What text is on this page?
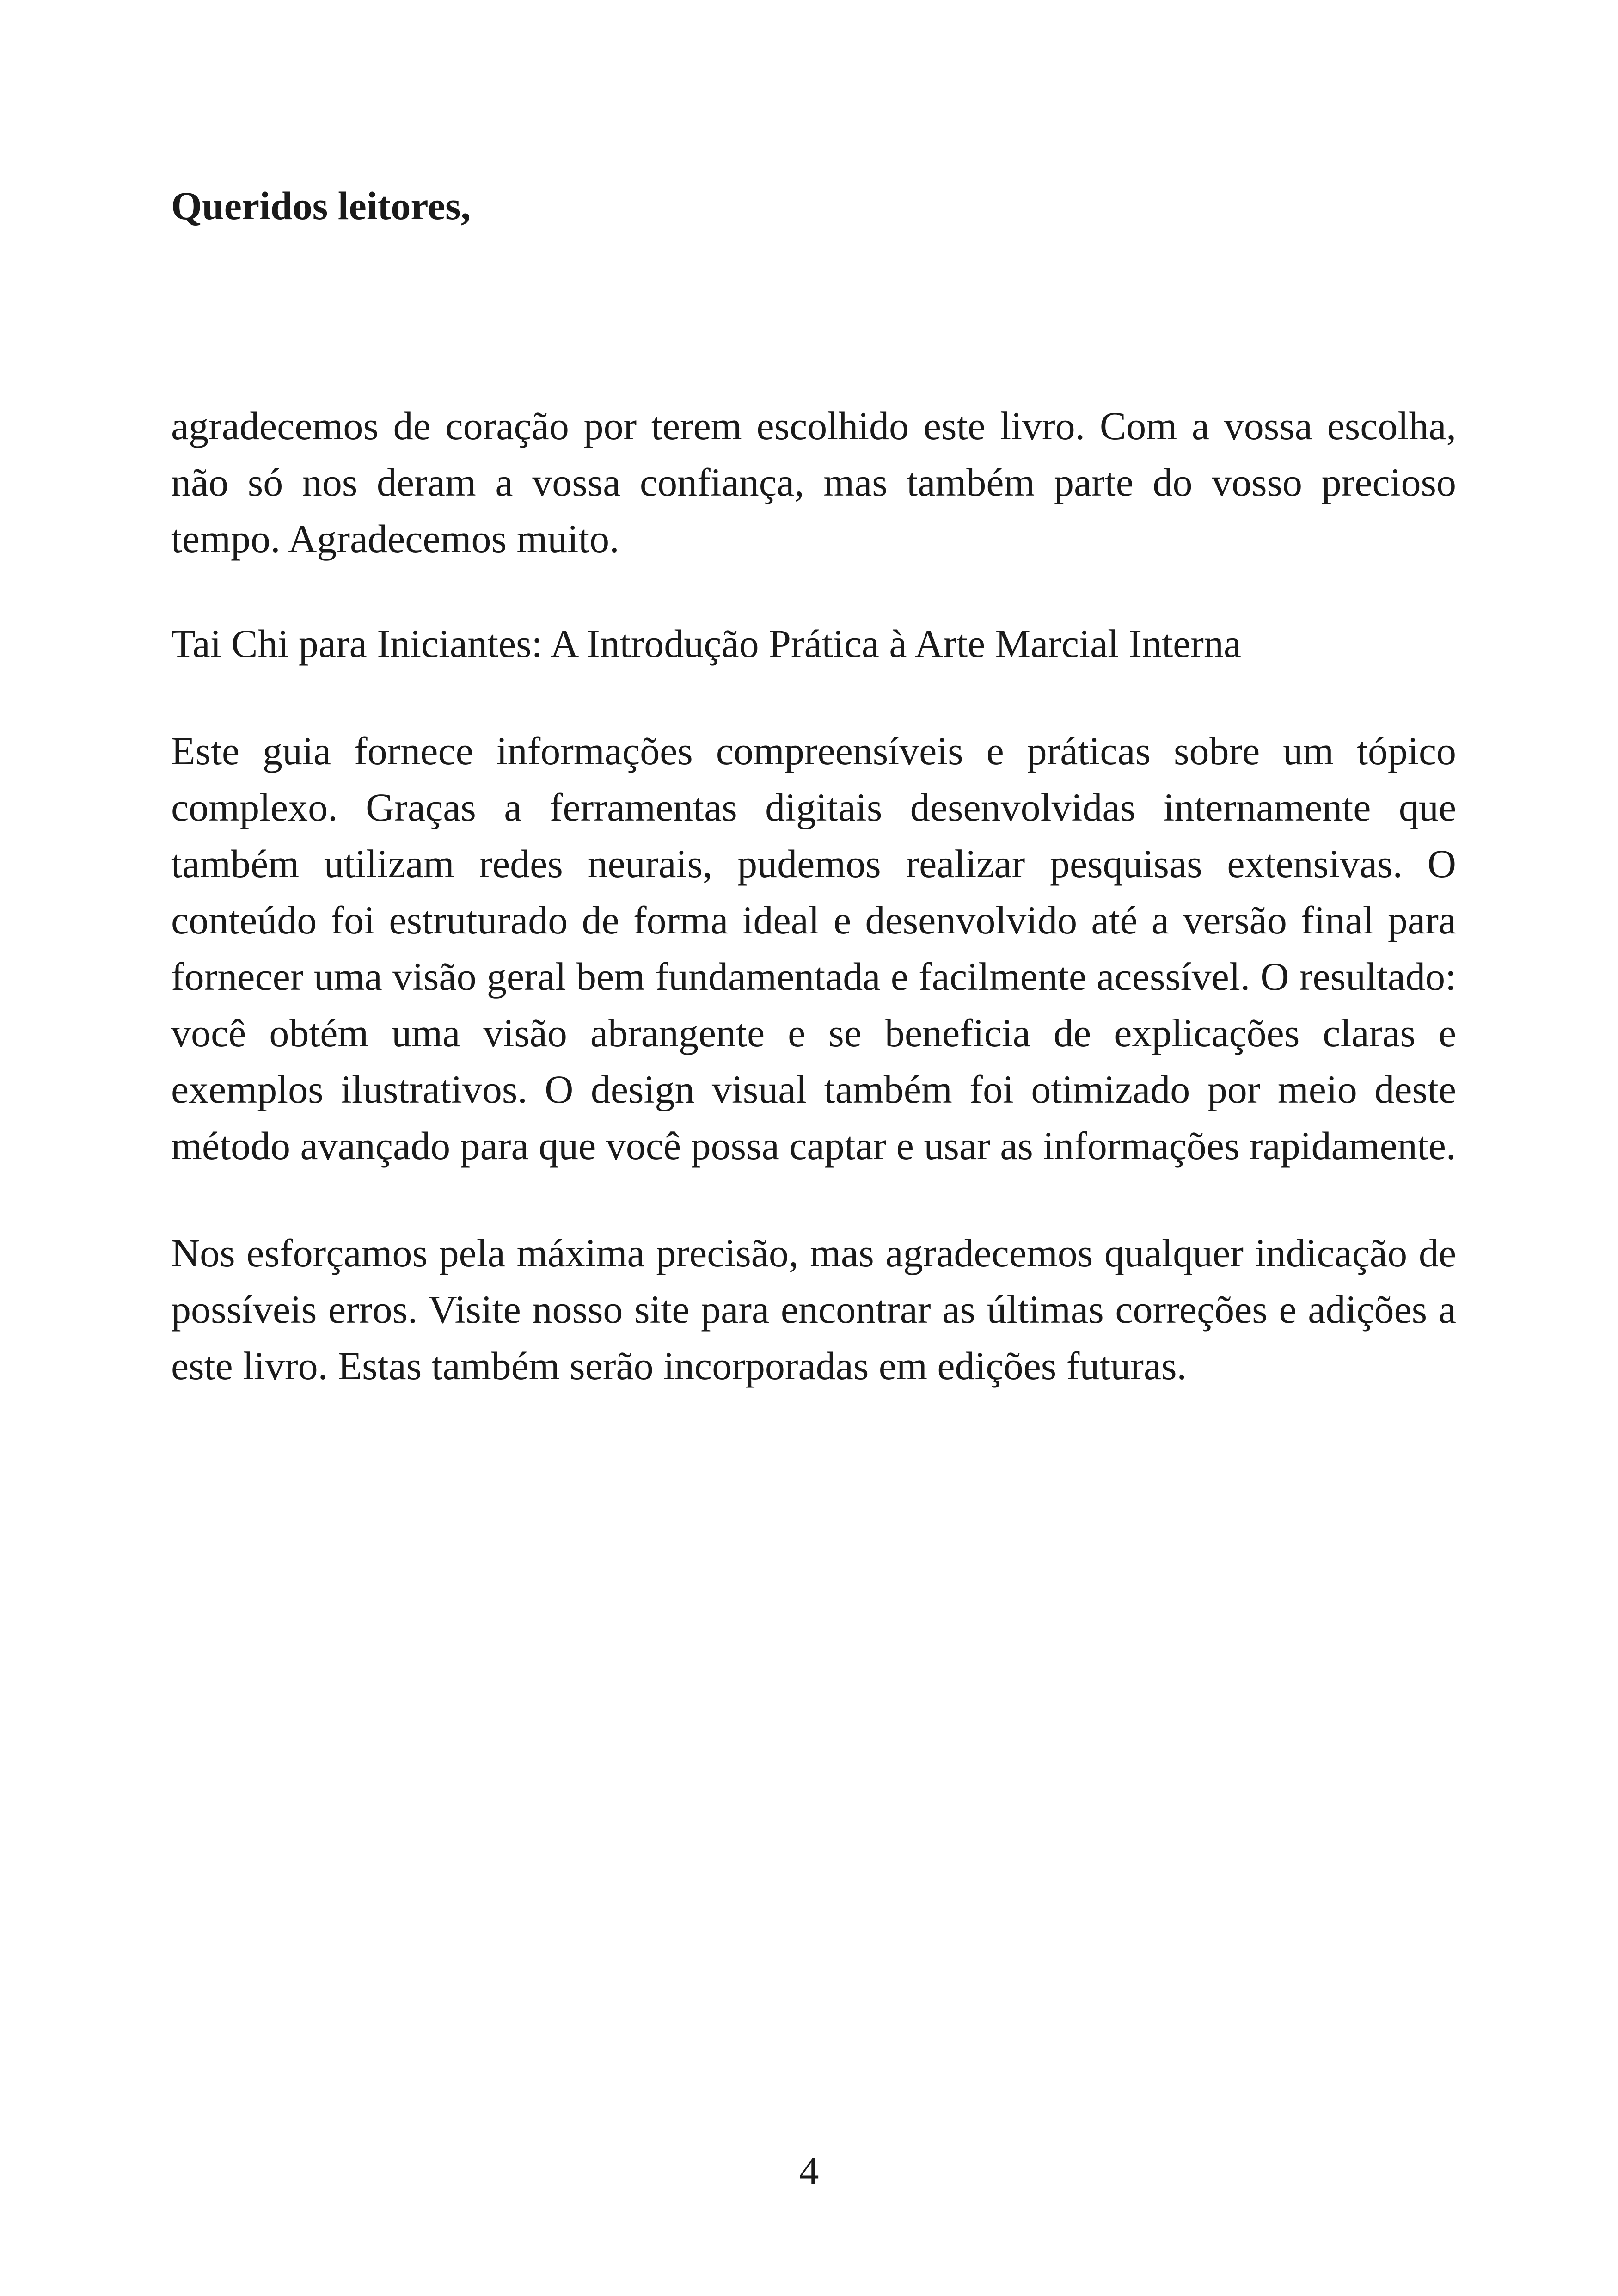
Queridos leitores,

agradecemos de coração por terem escolhido este livro. Com a vossa escolha, não só nos deram a vossa confiança, mas também parte do vosso precioso tempo. Agradecemos muito.

Tai Chi para Iniciantes: A Introdução Prática à Arte Marcial Interna

Este guia fornece informações compreensíveis e práticas sobre um tópico complexo. Graças a ferramentas digitais desenvolvidas internamente que também utilizam redes neurais, pudemos realizar pesquisas extensivas. O conteúdo foi estruturado de forma ideal e desenvolvido até a versão final para fornecer uma visão geral bem fundamentada e facilmente acessível. O resultado: você obtém uma visão abrangente e se beneficia de explicações claras e exemplos ilustrativos. O design visual também foi otimizado por meio deste método avançado para que você possa captar e usar as informações rapidamente.

Nos esforçamos pela máxima precisão, mas agradecemos qualquer indicação de possíveis erros. Visite nosso site para encontrar as últimas correções e adições a este livro. Estas também serão incorporadas em edições futuras.

4
